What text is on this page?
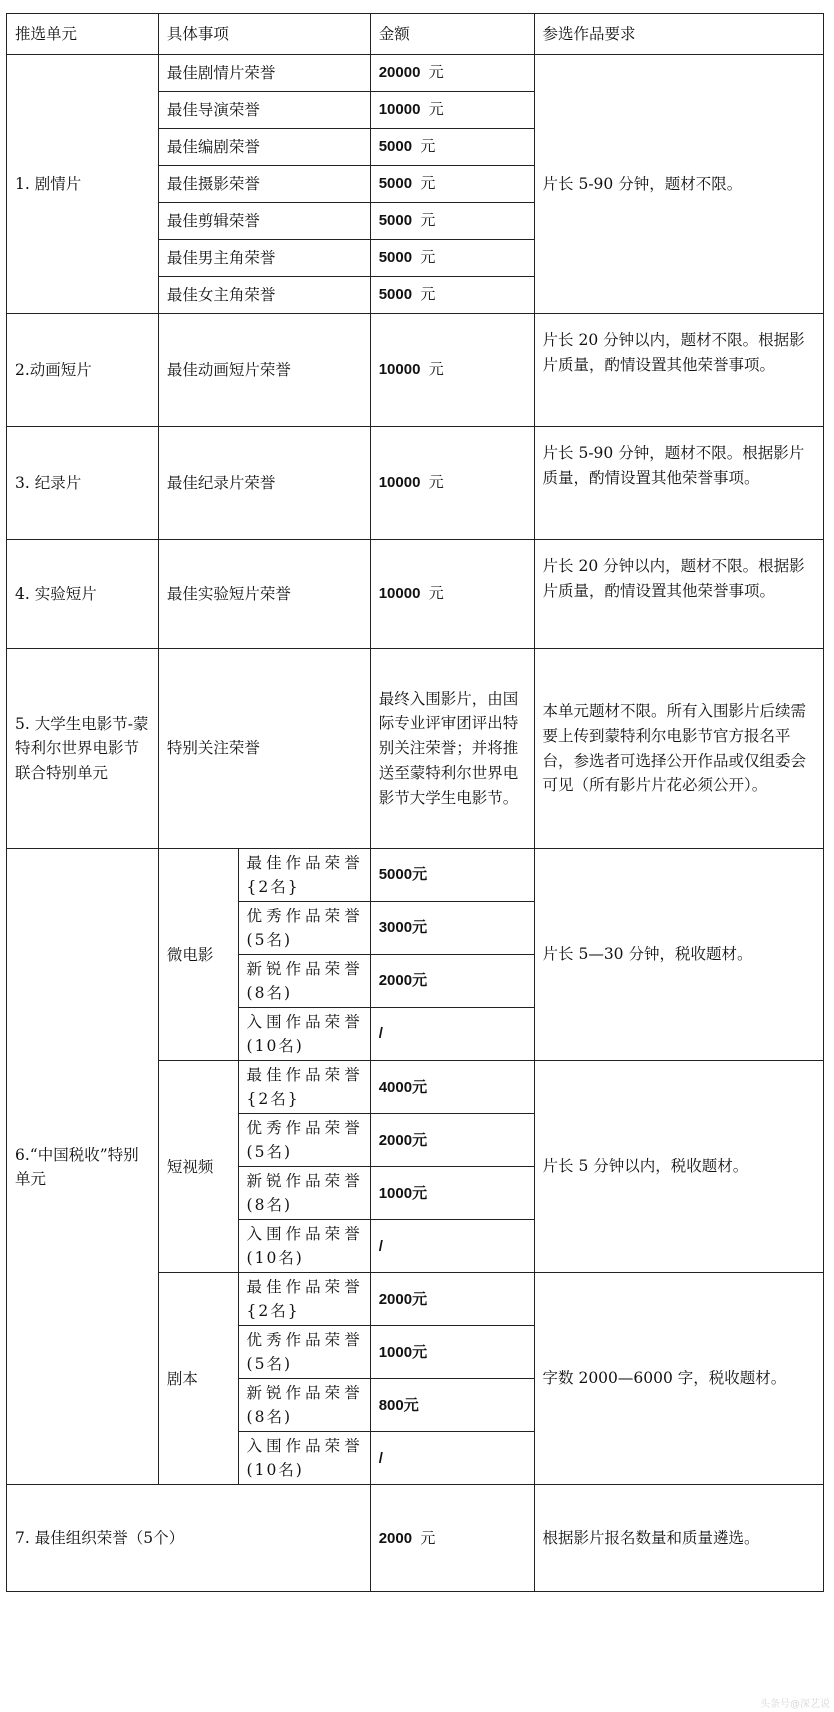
推选单元	具体事项		金额	参选作品要求
1. 剧情片	最佳剧情片荣誉		20000 元	片长 5-90 分钟，题材不限。
	最佳导演荣誉		10000 元	
	最佳编剧荣誉		5000 元	
	最佳摄影荣誉		5000 元	
	最佳剪辑荣誉		5000 元	
	最佳男主角荣誉		5000 元	
	最佳女主角荣誉		5000 元	
2.动画短片	最佳动画短片荣誉		10000 元	片长 20 分钟以内，题材不限。根据影片质量，酌情设置其他荣誉事项。
3. 纪录片	最佳纪录片荣誉		10000 元	片长 5-90 分钟，题材不限。根据影片质量，酌情设置其他荣誉事项。
4. 实验短片	最佳实验短片荣誉		10000 元	片长 20 分钟以内，题材不限。根据影片质量，酌情设置其他荣誉事项。
5. 大学生电影节-蒙特利尔世界电影节联合特别单元	特别关注荣誉		最终入围影片，由国际专业评审团评出特别关注荣誉；并将推送至蒙特利尔世界电影节大学生电影节。	本单元题材不限。所有入围影片后续需要上传到蒙特利尔电影节官方报名平台，参选者可选择公开作品或仅组委会可见（所有影片片花必须公开）。
6.“中国税收”特别单元	微电影	最佳作品荣誉{2名}	5000元	片长 5—30 分钟，税收题材。
		优秀作品荣誉(5名)	3000元	
		新锐作品荣誉(8名)	2000元	
		入围作品荣誉(10名)	/	
	短视频	最佳作品荣誉{2名}	4000元	片长 5 分钟以内，税收题材。
		优秀作品荣誉(5名)	2000元	
		新锐作品荣誉(8名)	1000元	
		入围作品荣誉(10名)	/	
	剧本	最佳作品荣誉{2名}	2000元	字数 2000—6000 字，税收题材。
		优秀作品荣誉(5名)	1000元	
		新锐作品荣誉(8名)	800元	
		入围作品荣誉(10名)	/	
7. 最佳组织荣誉（5个）			2000 元	根据影片报名数量和质量遴选。
头条号@深艺说
